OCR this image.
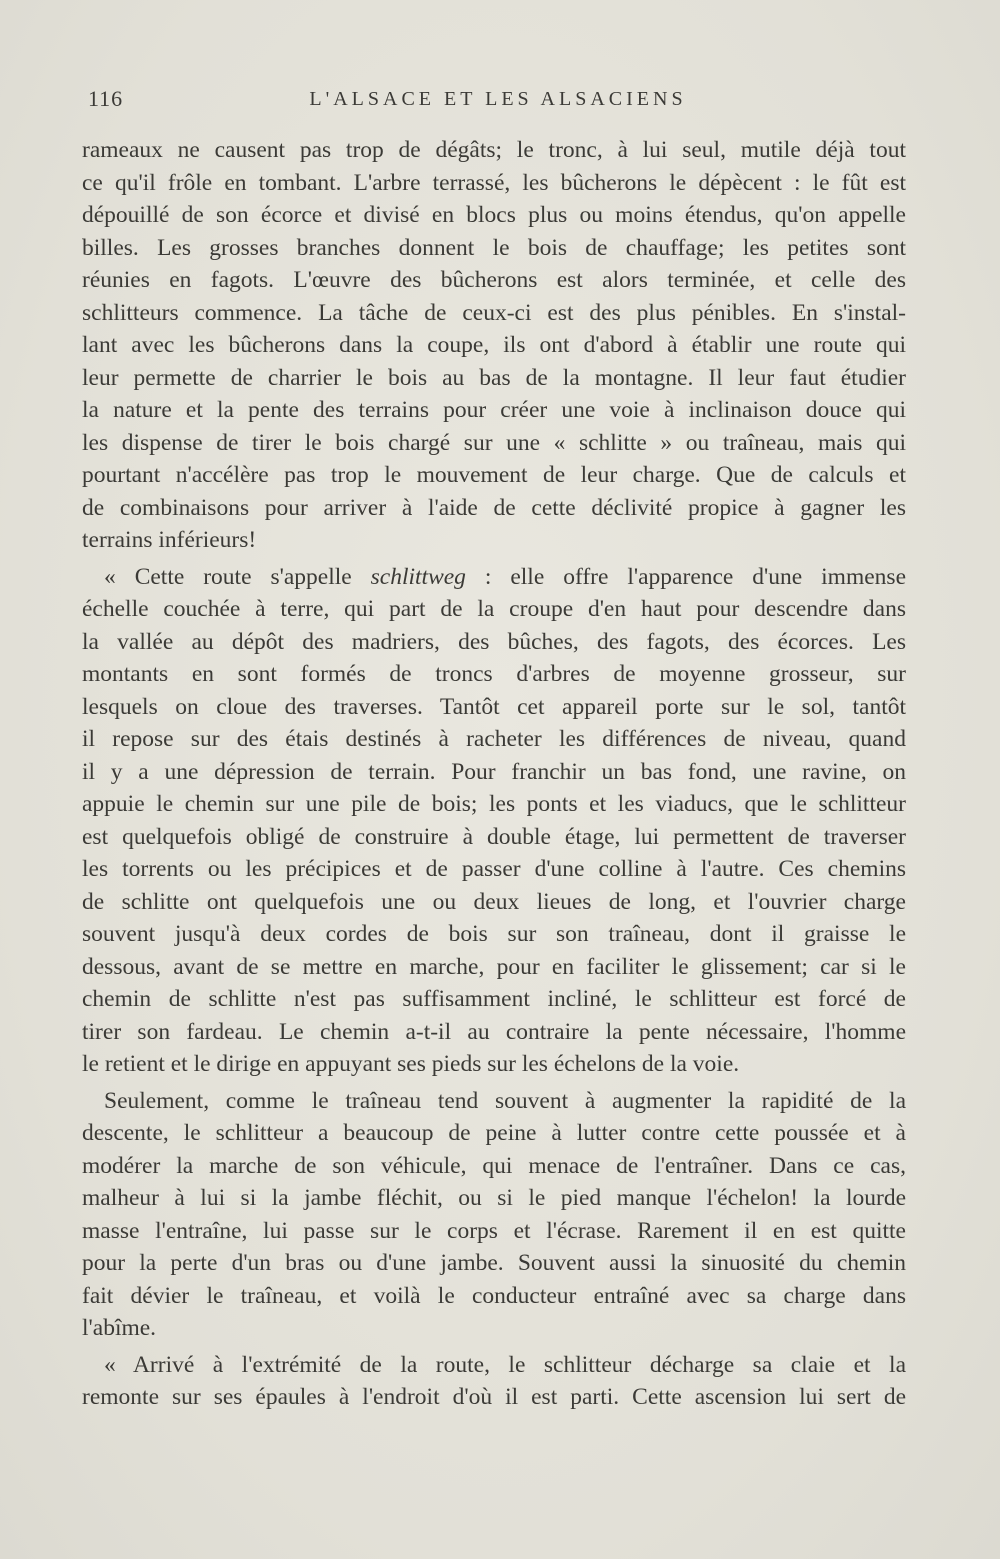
116	L'ALSACE ET LES ALSACIENS
rameaux ne causent pas trop de dégâts; le tronc, à lui seul, mutile déjà tout
ce qu'il frôle en tombant. L'arbre terrassé, les bûcherons le dépècent : le fût est
dépouillé de son écorce et divisé en blocs plus ou moins étendus, qu'on appelle
billes. Les grosses branches donnent le bois de chauffage; les petites sont
réunies en fagots. L'œuvre des bûcherons est alors terminée, et celle des
schlitteurs commence. La tâche de ceux-ci est des plus pénibles. En s'instal-
lant avec les bûcherons dans la coupe, ils ont d'abord à établir une route qui
leur permette de charrier le bois au bas de la montagne. Il leur faut étudier
la nature et la pente des terrains pour créer une voie à inclinaison douce qui
les dispense de tirer le bois chargé sur une « schlitte » ou traîneau, mais qui
pourtant n'accélère pas trop le mouvement de leur charge. Que de calculs et
de combinaisons pour arriver à l'aide de cette déclivité propice à gagner les
terrains inférieurs!
« Cette route s'appelle schlittweg : elle offre l'apparence d'une immense
échelle couchée à terre, qui part de la croupe d'en haut pour descendre dans
la vallée au dépôt des madriers, des bûches, des fagots, des écorces. Les
montants en sont formés de troncs d'arbres de moyenne grosseur, sur
lesquels on cloue des traverses. Tantôt cet appareil porte sur le sol, tantôt
il repose sur des étais destinés à racheter les différences de niveau, quand
il y a une dépression de terrain. Pour franchir un bas fond, une ravine, on
appuie le chemin sur une pile de bois; les ponts et les viaducs, que le schlitteur
est quelquefois obligé de construire à double étage, lui permettent de traverser
les torrents ou les précipices et de passer d'une colline à l'autre. Ces chemins
de schlitte ont quelquefois une ou deux lieues de long, et l'ouvrier charge
souvent jusqu'à deux cordes de bois sur son traîneau, dont il graisse le
dessous, avant de se mettre en marche, pour en faciliter le glissement; car si le
chemin de schlitte n'est pas suffisamment incliné, le schlitteur est forcé de
tirer son fardeau. Le chemin a-t-il au contraire la pente nécessaire, l'homme
le retient et le dirige en appuyant ses pieds sur les échelons de la voie.
Seulement, comme le traîneau tend souvent à augmenter la rapidité de la
descente, le schlitteur a beaucoup de peine à lutter contre cette poussée et à
modérer la marche de son véhicule, qui menace de l'entraîner. Dans ce cas,
malheur à lui si la jambe fléchit, ou si le pied manque l'échelon! la lourde
masse l'entraîne, lui passe sur le corps et l'écrase. Rarement il en est quitte
pour la perte d'un bras ou d'une jambe. Souvent aussi la sinuosité du chemin
fait dévier le traîneau, et voilà le conducteur entraîné avec sa charge dans
l'abîme.
« Arrivé à l'extrémité de la route, le schlitteur décharge sa claie et la
remonte sur ses épaules à l'endroit d'où il est parti. Cette ascension lui sert de
